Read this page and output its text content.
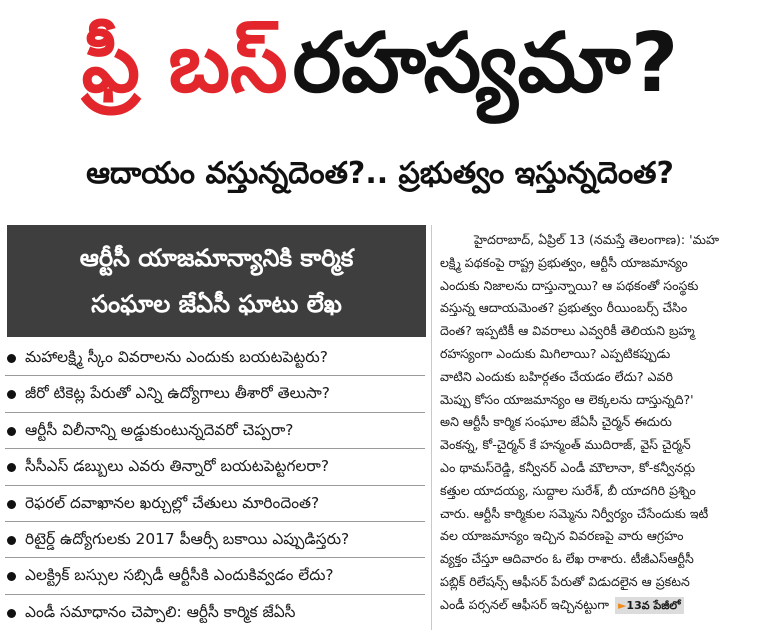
ఫ్రీ బస్ రహస్యమా?
ఆదాయం వస్తున్నదెంత?.. ప్రభుత్వం ఇస్తున్నదెంత?
ఆర్టీసీ యాజమాన్యానికి కార్మిక
సంఘాల జేఏసీ ఘాటు లేఖ
మహాలక్ష్మి స్కీం వివరాలను ఎందుకు బయటపెట్టరు?
జీరో టికెట్ల పేరుతో ఎన్ని ఉద్యోగాలు తీశారో తెలుసా?
ఆర్టీసీ విలీనాన్ని అడ్డుకుంటున్నదెవరో చెప్పరా?
సీసీఎస్ డబ్బులు ఎవరు తిన్నారో బయటపెట్టగలరా?
రెఫరల్ దవాఖానల ఖర్చుల్లో చేతులు మారిందెంత?
రిటైర్డ్ ఉద్యోగులకు 2017 పీఆర్సీ బకాయి ఎప్పుడిస్తరు?
ఎలక్ట్రిక్ బస్సుల సబ్సిడీ ఆర్టీసీకి ఎందుకివ్వడం లేదు?
ఎండీ సమాధానం చెప్పాలి: ఆర్టీసీ కార్మిక జేఏసీ
హైదరాబాద్, ఏప్రిల్ 13 (నమస్తే తెలంగాణ): 'మహ
లక్ష్మి పథకంపై రాష్ట్ర ప్రభుత్వం, ఆర్టీసీ యాజమాన్యం
ఎందుకు నిజాలను దాస్తున్నాయి? ఆ పథకంతో సంస్థకు
వస్తున్న ఆదాయమెంత? ప్రభుత్వం రీయింబర్స్ చేసిం
దెంత? ఇప్పటికీ ఆ వివరాలు ఎవ్వరికీ తెలియని బ్రహ్మ
రహస్యంగా ఎందుకు మిగిలాయి? ఎప్పటికప్పుడు
వాటిని ఎందుకు బహిర్గతం చేయడం లేదు? ఎవరి
మెప్పు కోసం యాజమాన్యం ఆ లెక్కలను దాస్తున్నది?'
అని ఆర్టీసీ కార్మిక సంఘాల జేఏసీ చైర్మన్ ఈదురు
వెంకన్న, కో-చైర్మన్ కే హన్మంత్ ముదిరాజ్, వైస్ చైర్మన్
ఎం థామస్‌రెడ్డి, కన్వీనర్ ఎండీ మౌలానా, కో-కన్వీనర్లు
కత్తుల యాదయ్య, సుద్దాల సురేశ్, బీ యాదగిరి ప్రశ్నిం
చారు. ఆర్టీసీ కార్మికుల సమ్మెను నిర్వీర్యం చేసేందుకు ఇటీ
వల యాజమాన్యం ఇచ్చిన వివరణపై వారు ఆగ్రహం
వ్యక్తం చేస్తూ ఆదివారం ఓ లేఖ రాశారు. టీజీఎస్‌ఆర్టీసీ
పబ్లిక్ రిలేషన్స్ ఆఫీసర్ పేరుతో విడుదలైన ఆ ప్రకటన
ఎండీ పర్సనల్ ఆఫీసర్ ఇచ్చినట్టుగా ►13వ పేజీలో
